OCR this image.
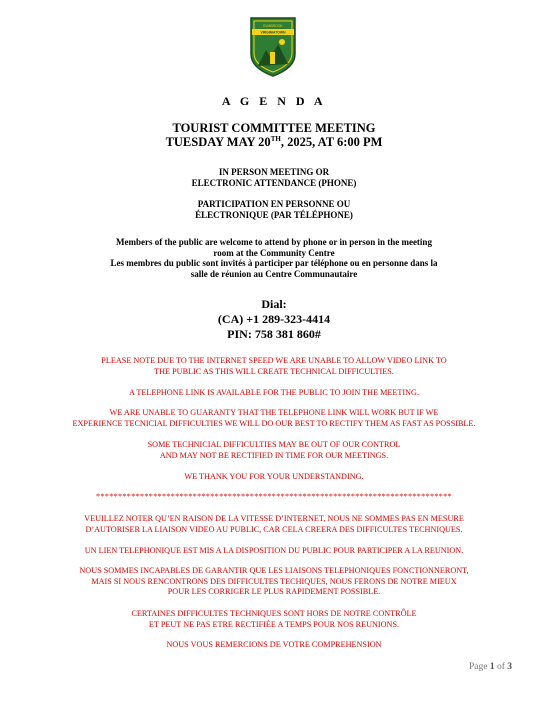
ELMBROOK
VIRGINIATOWN
A G E N D A
TOURIST COMMITTEE MEETING
TUESDAY MAY 20TH, 2025, AT 6:00 PM
IN PERSON MEETING OR
ELECTRONIC ATTENDANCE (PHONE)
PARTICIPATION EN PERSONNE OU
ÉLECTRONIQUE (PAR TÉLÉPHONE)
Members of the public are welcome to attend by phone or in person in the meeting
room at the Community Centre
Les membres du public sont invités à participer par téléphone ou en personne dans la
salle de réunion au Centre Communautaire
Dial:
(CA) +1 289-323-4414
PIN: 758 381 860#
PLEASE NOTE DUE TO THE INTERNET SPEED WE ARE UNABLE TO ALLOW VIDEO LINK TO
THE PUBLIC AS THIS WILL CREATE TECHNICAL DIFFICULTIES.
A TELEPHONE LINK IS AVAILABLE FOR THE PUBLIC TO JOIN THE MEETING.
WE ARE UNABLE TO GUARANTY THAT THE TELEPHONE LINK WILL WORK BUT IF WE
EXPERIENCE TECNICIAL DIFFICULTIES WE WILL DO OUR BEST TO RECTIFY THEM AS FAST AS POSSIBLE.
SOME TECHNICIAL DIFFICULTIES MAY BE OUT OF OUR CONTROL
AND MAY NOT BE RECTIFIED IN TIME FOR OUR MEETINGS.
WE THANK YOU FOR YOUR UNDERSTANDING.
*********************************************************************************
VEUILLEZ NOTER QU’EN RAISON DE LA VITESSE D’INTERNET, NOUS NE SOMMES PAS EN MESURE
D’AUTORISER LA LIAISON VIDEO AU PUBLIC, CAR CELA CREERA DES DIFFICULTES TECHNIQUES.
UN LIEN TELEPHONIQUE EST MIS A LA DISPOSITION DU PUBLIC POUR PARTICIPER A LA REUNION.
NOUS SOMMES INCAPABLES DE GARANTIR QUE LES LIAISONS TELEPHONIQUES FONCTIONNERONT,
MAIS SI NOUS RENCONTRONS DES DIFFICULTES TECHIQUES, NOUS FERONS DE NOTRE MIEUX
POUR LES CORRIGER LE PLUS RAPIDEMENT POSSIBLE.
CERTAINES DIFFICULTES TECHNIQUES SONT HORS DE NOTRE CONTRÔLE
ET PEUT NE PAS ETRE RECTIFIÉE A TEMPS POUR NOS REUNIONS.
NOUS VOUS REMERCIONS DE VOTRE COMPREHENSION
Page 1 of 3
